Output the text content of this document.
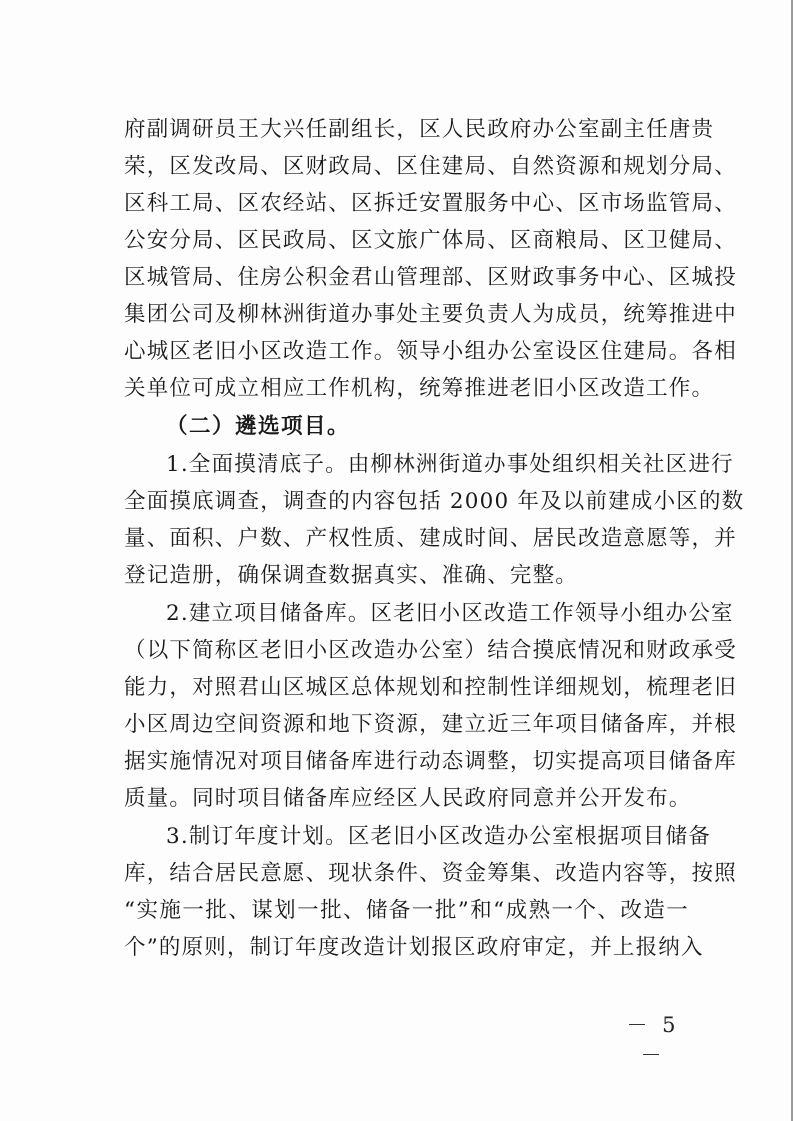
府副调研员王大兴任副组长，区人民政府办公室副主任唐贵
荣，区发改局、区财政局、区住建局、自然资源和规划分局、
区科工局、区农经站、区拆迁安置服务中心、区市场监管局、
公安分局、区民政局、区文旅广体局、区商粮局、区卫健局、
区城管局、住房公积金君山管理部、区财政事务中心、区城投
集团公司及柳林洲街道办事处主要负责人为成员，统筹推进中
心城区老旧小区改造工作。领导小组办公室设区住建局。各相
关单位可成立相应工作机构，统筹推进老旧小区改造工作。
（二）遴选项目。
1.全面摸清底子。由柳林洲街道办事处组织相关社区进行
全面摸底调查，调查的内容包括 2000 年及以前建成小区的数
量、面积、户数、产权性质、建成时间、居民改造意愿等，并
登记造册，确保调查数据真实、准确、完整。
2.建立项目储备库。区老旧小区改造工作领导小组办公室
（以下简称区老旧小区改造办公室）结合摸底情况和财政承受
能力，对照君山区城区总体规划和控制性详细规划，梳理老旧
小区周边空间资源和地下资源，建立近三年项目储备库，并根
据实施情况对项目储备库进行动态调整，切实提高项目储备库
质量。同时项目储备库应经区人民政府同意并公开发布。
3.制订年度计划。区老旧小区改造办公室根据项目储备
库，结合居民意愿、现状条件、资金筹集、改造内容等，按照
“实施一批、谋划一批、储备一批”和“成熟一个、改造一
个”的原则，制订年度改造计划报区政府审定，并上报纳入
－ 5 －
